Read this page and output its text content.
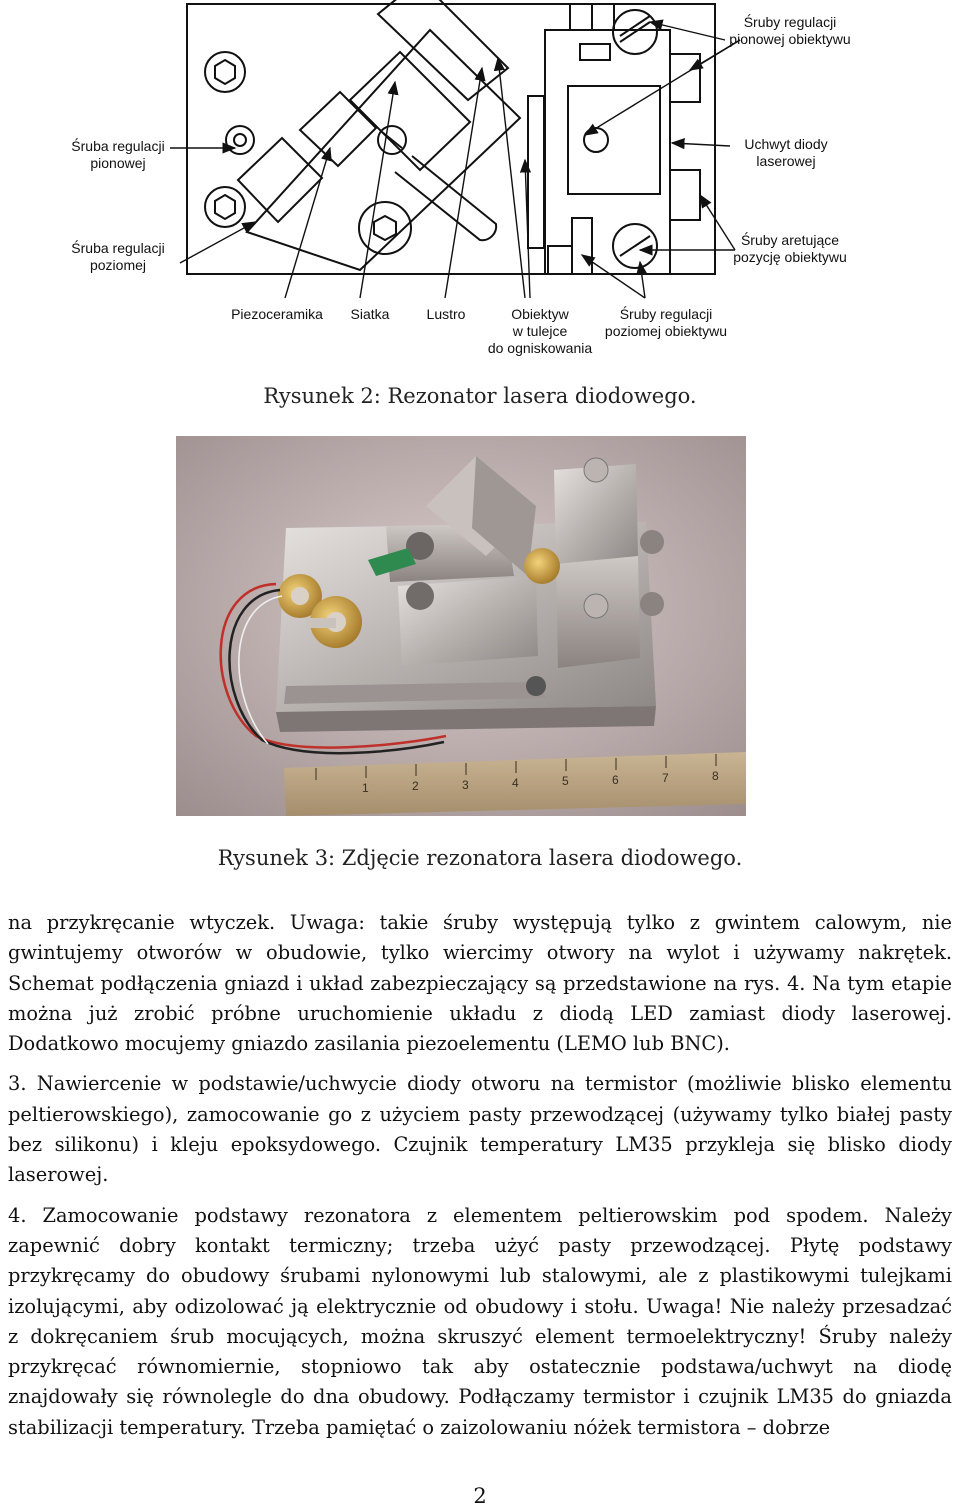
Śruby regulacji
pionowej obiektywu
Śruba regulacji
pionowej
Uchwyt diody
laserowej
Śruba regulacji
poziomej
Śruby aretujące
pozycję obiektywu
Piezoceramika	Siatka	Lustro	Obiektyw
w tulejce
do ogniskowania
Śruby regulacji
poziomej obiektywu
Rysunek 2: Rezonator lasera diodowego.
1	2	3	4	5	6	7	8
Rysunek 3: Zdjęcie rezonatora lasera diodowego.

na przykręcanie wtyczek. Uwaga: takie śruby występują tylko z gwintem calowym, nie gwintujemy otworów w obudowie, tylko wiercimy otwory na wylot i używamy nakrętek. Schemat podłączenia gniazd i układ zabezpieczający są przedstawione na rys. 4. Na tym etapie można już zrobić próbne uruchomienie układu z diodą LED zamiast diody laserowej. Dodatkowo mocujemy gniazdo zasilania piezoelementu (LEMO lub BNC).

3. Nawiercenie w podstawie/uchwycie diody otworu na termistor (możliwie blisko elementu peltierowskiego), zamocowanie go z użyciem pasty przewodzącej (używamy tylko białej pasty bez silikonu) i kleju epoksydowego. Czujnik temperatury LM35 przykleja się blisko diody laserowej.

4. Zamocowanie podstawy rezonatora z elementem peltierowskim pod spodem. Należy zapewnić dobry kontakt termiczny; trzeba użyć pasty przewodzącej. Płytę podstawy przykręcamy do obudowy śrubami nylonowymi lub stalowymi, ale z plastikowymi tulejkami izolującymi, aby odizolować ją elektrycznie od obudowy i stołu. Uwaga! Nie należy przesadzać z dokręcaniem śrub mocujących, można skruszyć element termoelektryczny! Śruby należy przykręcać równomiernie, stopniowo tak aby ostatecznie podstawa/uchwyt na diodę znajdowały się równolegle do dna obudowy. Podłączamy termistor i czujnik LM35 do gniazda stabilizacji temperatury. Trzeba pamiętać o zaizolowaniu nóżek termistora – dobrze

2
